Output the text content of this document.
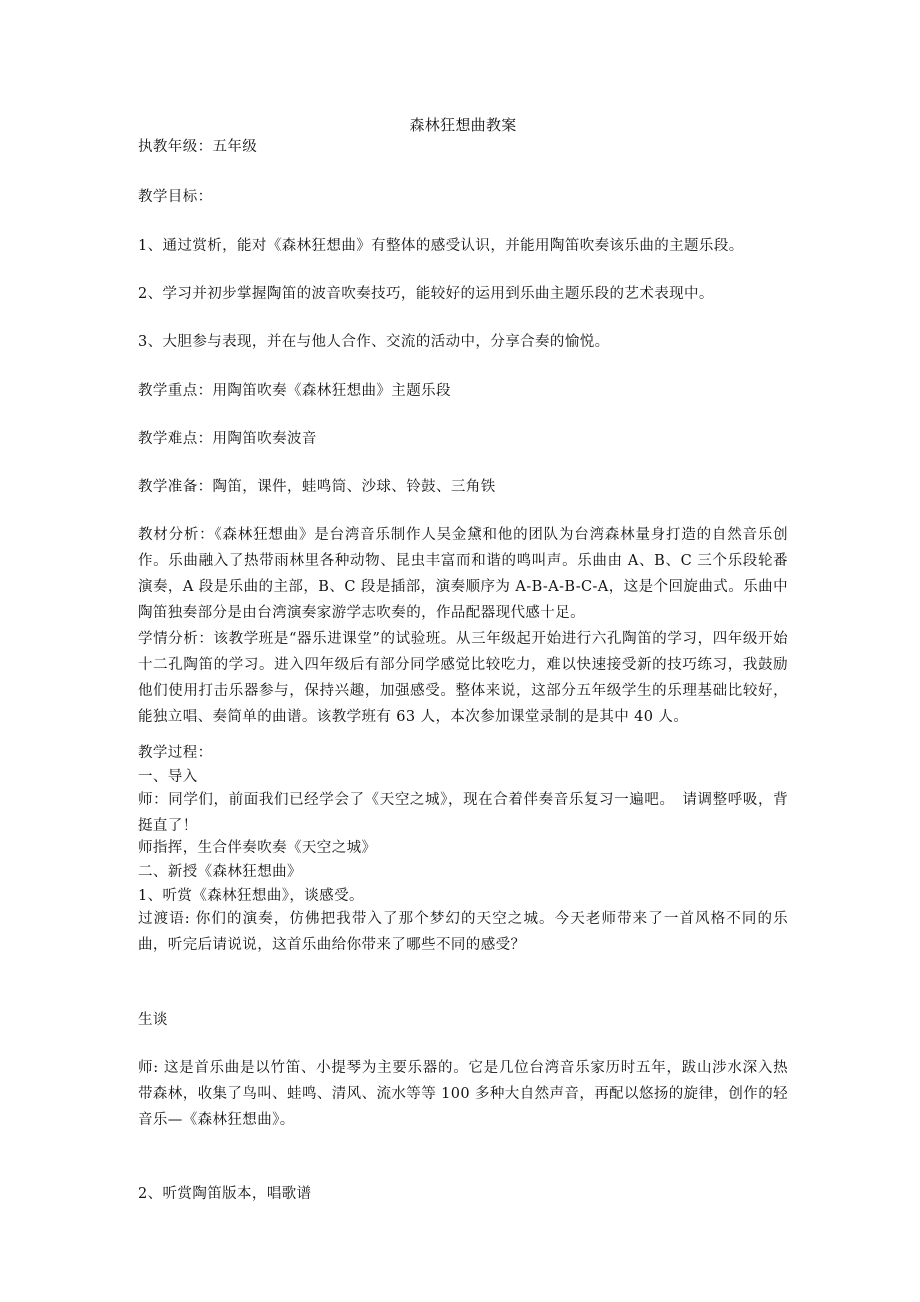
森林狂想曲教案
执教年级：五年级
教学目标：
1、通过赏析，能对《森林狂想曲》有整体的感受认识，并能用陶笛吹奏该乐曲的主题乐段。
2、学习并初步掌握陶笛的波音吹奏技巧，能较好的运用到乐曲主题乐段的艺术表现中。
3、大胆参与表现，并在与他人合作、交流的活动中，分享合奏的愉悦。
教学重点：用陶笛吹奏《森林狂想曲》主题乐段
教学难点：用陶笛吹奏波音
教学准备：陶笛，课件，蛙鸣筒、沙球、铃鼓、三角铁
教材分析：《森林狂想曲》是台湾音乐制作人吴金黛和他的团队为台湾森林量身打造的自然音乐创作。乐曲融入了热带雨林里各种动物、昆虫丰富而和谐的鸣叫声。乐曲由 A、B、C 三个乐段轮番演奏，A 段是乐曲的主部，B、C 段是插部，演奏顺序为 A-B-A-B-C-A，这是个回旋曲式。乐曲中陶笛独奏部分是由台湾演奏家游学志吹奏的，作品配器现代感十足。
学情分析：该教学班是“器乐进课堂”的试验班。从三年级起开始进行六孔陶笛的学习，四年级开始十二孔陶笛的学习。进入四年级后有部分同学感觉比较吃力，难以快速接受新的技巧练习，我鼓励他们使用打击乐器参与，保持兴趣，加强感受。整体来说，这部分五年级学生的乐理基础比较好，能独立唱、奏简单的曲谱。该教学班有 63 人，本次参加课堂录制的是其中 40 人。
教学过程：
一、导入
师：同学们，前面我们已经学会了《天空之城》，现在合着伴奏音乐复习一遍吧。　请调整呼吸，背挺直了！
师指挥，生合伴奏吹奏《天空之城》
二、新授《森林狂想曲》
1、听赏《森林狂想曲》，谈感受。
过渡语: 你们的演奏，仿佛把我带入了那个梦幻的天空之城。今天老师带来了一首风格不同的乐曲，听完后请说说，这首乐曲给你带来了哪些不同的感受？
生谈
师: 这是首乐曲是以竹笛、小提琴为主要乐器的。它是几位台湾音乐家历时五年，跋山涉水深入热带森林，收集了鸟叫、蛙鸣、清风、流水等等 100 多种大自然声音，再配以悠扬的旋律，创作的轻音乐—《森林狂想曲》。
2、听赏陶笛版本，唱歌谱
